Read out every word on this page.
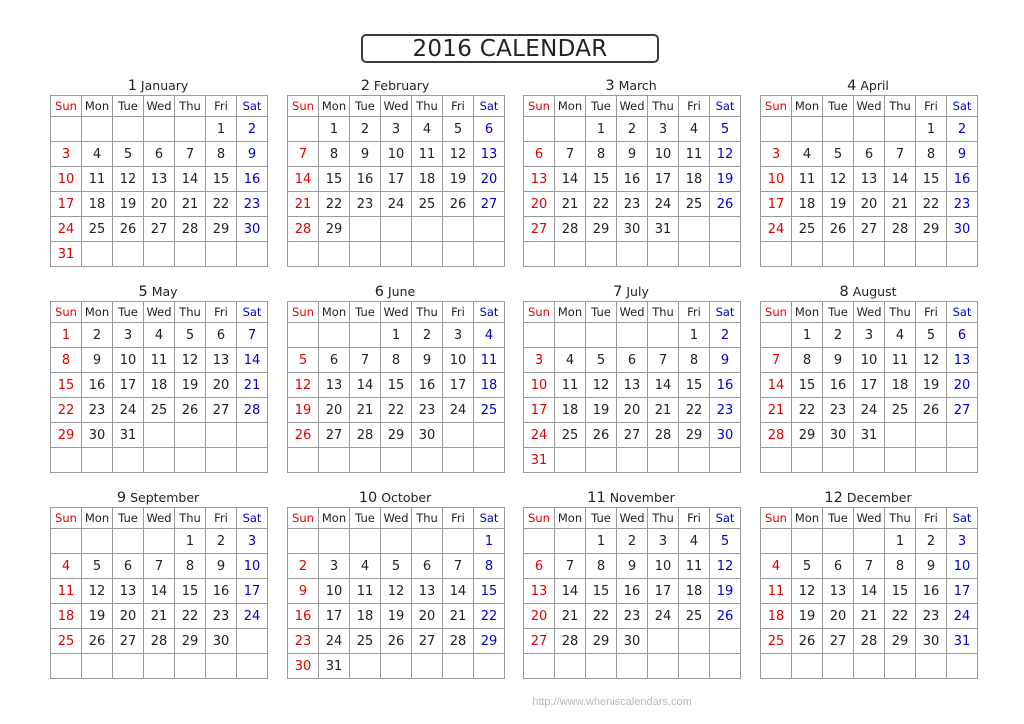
2016 CALENDAR
1 January
Sun	Mon	Tue	Wed	Thu	Fri	Sat
					1	2
3	4	5	6	7	8	9
10	11	12	13	14	15	16
17	18	19	20	21	22	23
24	25	26	27	28	29	30
31						
2 February
Sun	Mon	Tue	Wed	Thu	Fri	Sat
	1	2	3	4	5	6
7	8	9	10	11	12	13
14	15	16	17	18	19	20
21	22	23	24	25	26	27
28	29					

3 March
Sun	Mon	Tue	Wed	Thu	Fri	Sat
		1	2	3	4	5
6	7	8	9	10	11	12
13	14	15	16	17	18	19
20	21	22	23	24	25	26
27	28	29	30	31		

4 April
Sun	Mon	Tue	Wed	Thu	Fri	Sat
					1	2
3	4	5	6	7	8	9
10	11	12	13	14	15	16
17	18	19	20	21	22	23
24	25	26	27	28	29	30

5 May
Sun	Mon	Tue	Wed	Thu	Fri	Sat
1	2	3	4	5	6	7
8	9	10	11	12	13	14
15	16	17	18	19	20	21
22	23	24	25	26	27	28
29	30	31				

6 June
Sun	Mon	Tue	Wed	Thu	Fri	Sat
			1	2	3	4
5	6	7	8	9	10	11
12	13	14	15	16	17	18
19	20	21	22	23	24	25
26	27	28	29	30		

7 July
Sun	Mon	Tue	Wed	Thu	Fri	Sat
					1	2
3	4	5	6	7	8	9
10	11	12	13	14	15	16
17	18	19	20	21	22	23
24	25	26	27	28	29	30
31						
8 August
Sun	Mon	Tue	Wed	Thu	Fri	Sat
	1	2	3	4	5	6
7	8	9	10	11	12	13
14	15	16	17	18	19	20
21	22	23	24	25	26	27
28	29	30	31			

9 September
Sun	Mon	Tue	Wed	Thu	Fri	Sat
				1	2	3
4	5	6	7	8	9	10
11	12	13	14	15	16	17
18	19	20	21	22	23	24
25	26	27	28	29	30	

10 October
Sun	Mon	Tue	Wed	Thu	Fri	Sat
						1
2	3	4	5	6	7	8
9	10	11	12	13	14	15
16	17	18	19	20	21	22
23	24	25	26	27	28	29
30	31					
11 November
Sun	Mon	Tue	Wed	Thu	Fri	Sat
		1	2	3	4	5
6	7	8	9	10	11	12
13	14	15	16	17	18	19
20	21	22	23	24	25	26
27	28	29	30			

12 December
Sun	Mon	Tue	Wed	Thu	Fri	Sat
				1	2	3
4	5	6	7	8	9	10
11	12	13	14	15	16	17
18	19	20	21	22	23	24
25	26	27	28	29	30	31

http://www.wheniscalendars.com
